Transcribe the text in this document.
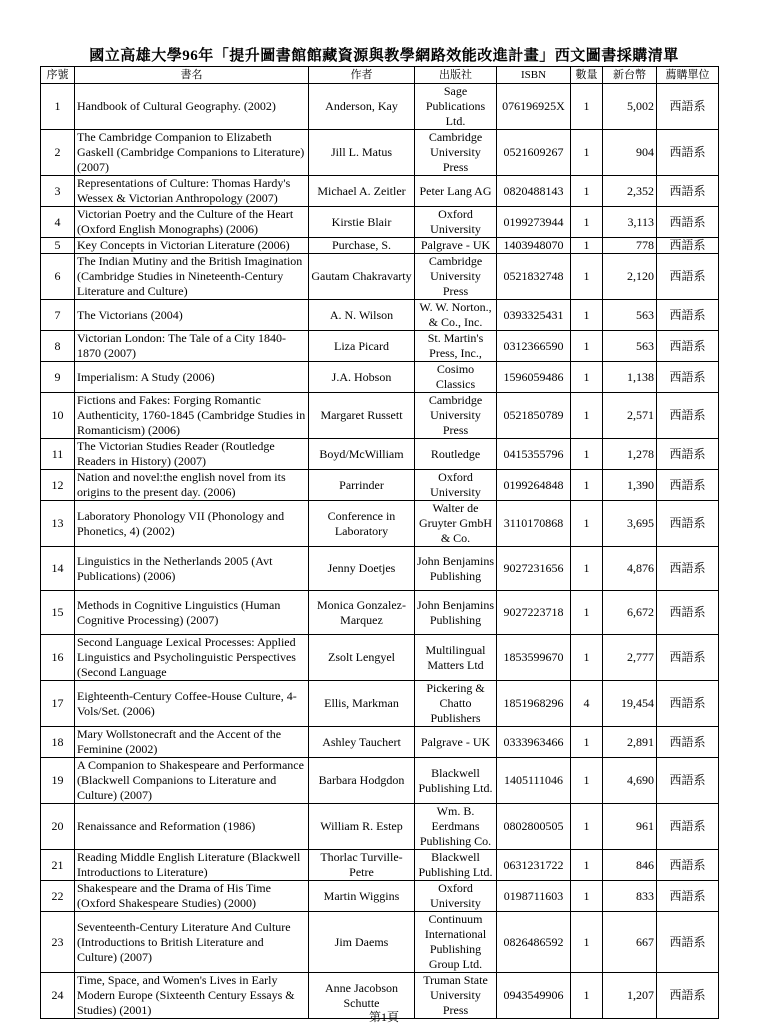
國立高雄大學96年「提升圖書館館藏資源與教學網路效能改進計畫」西文圖書採購清單
序號	書名	作者	出版社	ISBN	數量	新台幣	薦購單位
1	Handbook of Cultural Geography. (2002)	Anderson, Kay	Sage Publications Ltd.	076196925X	1	5,002	西語系
2	The Cambridge Companion to Elizabeth Gaskell (Cambridge Companions to Literature) (2007)	Jill L. Matus	Cambridge University Press	0521609267	1	904	西語系
3	Representations of Culture: Thomas Hardy's Wessex & Victorian Anthropology (2007)	Michael A. Zeitler	Peter Lang AG	0820488143	1	2,352	西語系
4	Victorian Poetry and the Culture of the Heart (Oxford English Monographs) (2006)	Kirstie Blair	Oxford University	0199273944	1	3,113	西語系
5	Key Concepts in Victorian Literature (2006)	Purchase, S.	Palgrave - UK	1403948070	1	778	西語系
6	The Indian Mutiny and the British Imagination (Cambridge Studies in Nineteenth-Century Literature and Culture)	Gautam Chakravarty	Cambridge University Press	0521832748	1	2,120	西語系
7	The Victorians (2004)	A. N. Wilson	W. W. Norton., & Co., Inc.	0393325431	1	563	西語系
8	Victorian London: The Tale of a City 1840-1870 (2007)	Liza Picard	St. Martin's Press, Inc.,	0312366590	1	563	西語系
9	Imperialism: A Study (2006)	J.A. Hobson	Cosimo Classics	1596059486	1	1,138	西語系
10	Fictions and Fakes: Forging Romantic Authenticity, 1760-1845 (Cambridge Studies in Romanticism) (2006)	Margaret Russett	Cambridge University Press	0521850789	1	2,571	西語系
11	The Victorian Studies Reader (Routledge Readers in History) (2007)	Boyd/McWilliam	Routledge	0415355796	1	1,278	西語系
12	Nation and novel:the english novel from its origins to the present day. (2006)	Parrinder	Oxford University	0199264848	1	1,390	西語系
13	Laboratory Phonology VII (Phonology and Phonetics, 4) (2002)	Conference in Laboratory	Walter de Gruyter GmbH & Co.	3110170868	1	3,695	西語系
14	Linguistics in the Netherlands 2005 (Avt Publications) (2006)	Jenny Doetjes	John Benjamins Publishing	9027231656	1	4,876	西語系
15	Methods in Cognitive Linguistics (Human Cognitive Processing) (2007)	Monica Gonzalez-Marquez	John Benjamins Publishing	9027223718	1	6,672	西語系
16	Second Language Lexical Processes: Applied Linguistics and Psycholinguistic Perspectives (Second Language	Zsolt Lengyel	Multilingual Matters Ltd	1853599670	1	2,777	西語系
17	Eighteenth-Century Coffee-House Culture, 4-Vols/Set. (2006)	Ellis, Markman	Pickering & Chatto Publishers	1851968296	4	19,454	西語系
18	Mary Wollstonecraft and the Accent of the Feminine (2002)	Ashley Tauchert	Palgrave - UK	0333963466	1	2,891	西語系
19	A Companion to Shakespeare and Performance (Blackwell Companions to Literature and Culture) (2007)	Barbara Hodgdon	Blackwell Publishing Ltd.	1405111046	1	4,690	西語系
20	Renaissance and Reformation (1986)	William R. Estep	Wm. B. Eerdmans Publishing Co.	0802800505	1	961	西語系
21	Reading Middle English Literature (Blackwell Introductions to Literature)	Thorlac Turville-Petre	Blackwell Publishing Ltd.	0631231722	1	846	西語系
22	Shakespeare and the Drama of His Time (Oxford Shakespeare Studies) (2000)	Martin Wiggins	Oxford University	0198711603	1	833	西語系
23	Seventeenth-Century Literature And Culture (Introductions to British Literature and Culture) (2007)	Jim Daems	Continuum International Publishing Group Ltd.	0826486592	1	667	西語系
24	Time, Space, and Women's Lives in Early Modern Europe (Sixteenth Century Essays & Studies) (2001)	Anne Jacobson Schutte	Truman State University Press	0943549906	1	1,207	西語系
第1頁
